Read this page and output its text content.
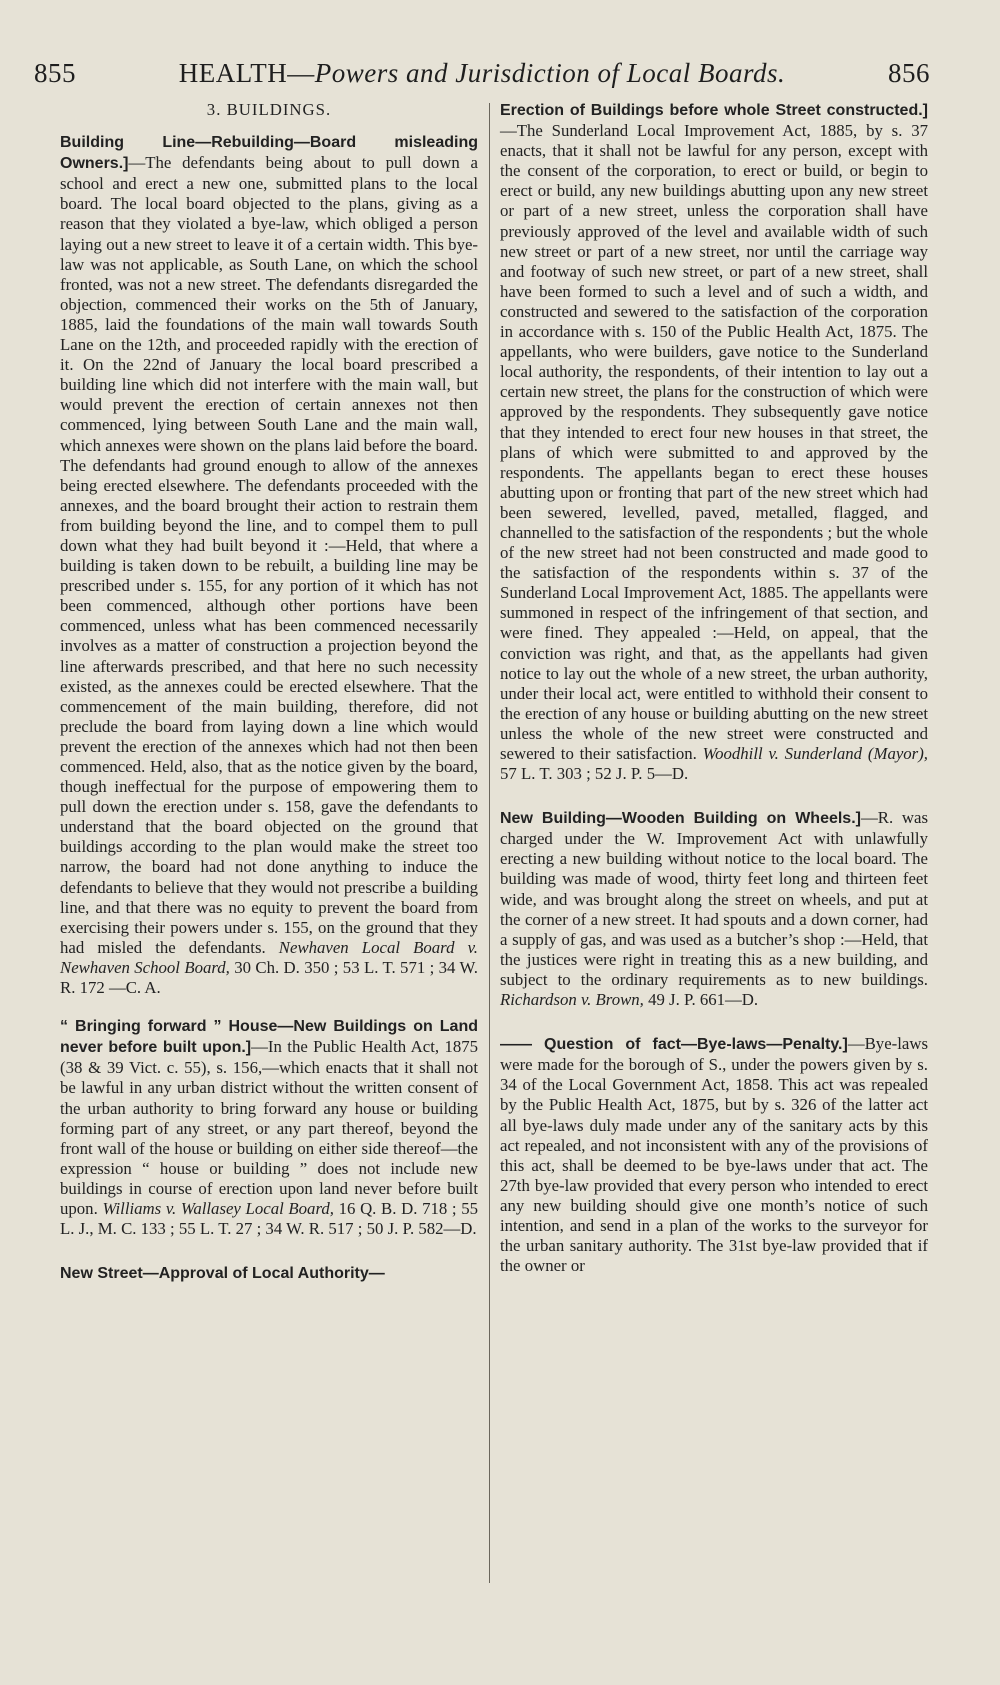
855	HEALTH—Powers and Jurisdiction of Local Boards.	856
3. BUILDINGS.

Building Line—Rebuilding—Board misleading Owners.]—The defendants being about to pull down a school and erect a new one, submitted plans to the local board. The local board objected to the plans, giving as a reason that they violated a bye-law, which obliged a person laying out a new street to leave it of a certain width. This bye-law was not applicable, as South Lane, on which the school fronted, was not a new street. The defendants disregarded the objection, commenced their works on the 5th of January, 1885, laid the foundations of the main wall towards South Lane on the 12th, and proceeded rapidly with the erection of it. On the 22nd of January the local board prescribed a building line which did not interfere with the main wall, but would prevent the erection of certain annexes not then commenced, lying between South Lane and the main wall, which annexes were shown on the plans laid before the board. The defendants had ground enough to allow of the annexes being erected elsewhere. The defendants proceeded with the annexes, and the board brought their action to restrain them from building beyond the line, and to compel them to pull down what they had built beyond it :—Held, that where a building is taken down to be rebuilt, a building line may be prescribed under s. 155, for any portion of it which has not been commenced, although other portions have been commenced, unless what has been commenced necessarily involves as a matter of construction a projection beyond the line afterwards prescribed, and that here no such necessity existed, as the annexes could be erected elsewhere. That the commencement of the main building, therefore, did not preclude the board from laying down a line which would prevent the erection of the annexes which had not then been commenced. Held, also, that as the notice given by the board, though ineffectual for the purpose of empowering them to pull down the erection under s. 158, gave the defendants to understand that the board objected on the ground that buildings according to the plan would make the street too narrow, the board had not done anything to induce the defendants to believe that they would not prescribe a building line, and that there was no equity to prevent the board from exercising their powers under s. 155, on the ground that they had misled the defendants. Newhaven Local Board v. Newhaven School Board, 30 Ch. D. 350 ; 53 L. T. 571 ; 34 W. R. 172 —C. A.

“ Bringing forward ” House—New Buildings on Land never before built upon.]—In the Public Health Act, 1875 (38 & 39 Vict. c. 55), s. 156,—which enacts that it shall not be lawful in any urban district without the written consent of the urban authority to bring forward any house or building forming part of any street, or any part thereof, beyond the front wall of the house or building on either side thereof—the expression “ house or building ” does not include new buildings in course of erection upon land never before built upon. Williams v. Wallasey Local Board, 16 Q. B. D. 718 ; 55 L. J., M. C. 133 ; 55 L. T. 27 ; 34 W. R. 517 ; 50 J. P. 582—D.

New Street—Approval of Local Authority—

Erection of Buildings before whole Street constructed.]—The Sunderland Local Improvement Act, 1885, by s. 37 enacts, that it shall not be lawful for any person, except with the consent of the corporation, to erect or build, or begin to erect or build, any new buildings abutting upon any new street or part of a new street, unless the corporation shall have previously approved of the level and available width of such new street or part of a new street, nor until the carriage way and footway of such new street, or part of a new street, shall have been formed to such a level and of such a width, and constructed and sewered to the satisfaction of the corporation in accordance with s. 150 of the Public Health Act, 1875. The appellants, who were builders, gave notice to the Sunderland local authority, the respondents, of their intention to lay out a certain new street, the plans for the construction of which were approved by the respondents. They subsequently gave notice that they intended to erect four new houses in that street, the plans of which were submitted to and approved by the respondents. The appellants began to erect these houses abutting upon or fronting that part of the new street which had been sewered, levelled, paved, metalled, flagged, and channelled to the satisfaction of the respondents ; but the whole of the new street had not been constructed and made good to the satisfaction of the respondents within s. 37 of the Sunderland Local Improvement Act, 1885. The appellants were summoned in respect of the infringement of that section, and were fined. They appealed :—Held, on appeal, that the conviction was right, and that, as the appellants had given notice to lay out the whole of a new street, the urban authority, under their local act, were entitled to withhold their consent to the erection of any house or building abutting on the new street unless the whole of the new street were constructed and sewered to their satisfaction. Woodhill v. Sunderland (Mayor), 57 L. T. 303 ; 52 J. P. 5—D.

New Building—Wooden Building on Wheels.]—R. was charged under the W. Improvement Act with unlawfully erecting a new building without notice to the local board. The building was made of wood, thirty feet long and thirteen feet wide, and was brought along the street on wheels, and put at the corner of a new street. It had spouts and a down corner, had a supply of gas, and was used as a butcher’s shop :—Held, that the justices were right in treating this as a new building, and subject to the ordinary requirements as to new buildings. Richardson v. Brown, 49 J. P. 661—D.

—— Question of fact—Bye-laws—Penalty.]—Bye-laws were made for the borough of S., under the powers given by s. 34 of the Local Government Act, 1858. This act was repealed by the Public Health Act, 1875, but by s. 326 of the latter act all bye-laws duly made under any of the sanitary acts by this act repealed, and not inconsistent with any of the provisions of this act, shall be deemed to be bye-laws under that act. The 27th bye-law provided that every person who intended to erect any new building should give one month’s notice of such intention, and send in a plan of the works to the surveyor for the urban sanitary authority. The 31st bye-law provided that if the owner or
